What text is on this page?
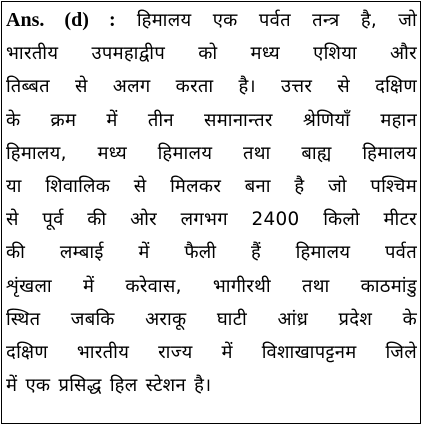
Ans. (d) : हिमालय एक पर्वत तन्त्र है, जो
भारतीय उपमहाद्वीप को मध्य एशिया और
तिब्बत से अलग करता है। उत्तर से दक्षिण
के क्रम में तीन समानान्तर श्रेणियाँ महान
हिमालय, मध्य हिमालय तथा बाह्य हिमालय
या शिवालिक से मिलकर बना है जो पश्चिम
से पूर्व की ओर लगभग 2400 किलो मीटर
की लम्बाई में फैली हैं हिमालय पर्वत
शृंखला में करेवास, भागीरथी तथा काठमांडु
स्थित जबकि अराकू घाटी आंध्र प्रदेश के
दक्षिण भारतीय राज्य में विशाखापट्टनम जिले
में एक प्रसिद्ध हिल स्टेशन है।
